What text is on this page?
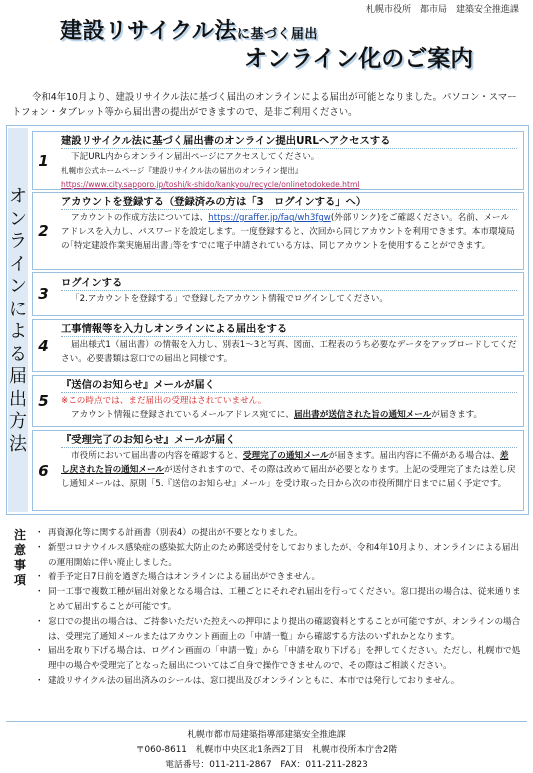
札幌市役所　都市局　建築安全推進課
建設リサイクル法に基づく届出
オンライン化のご案内
令和4年10月より、建設リサイクル法に基づく届出のオンラインによる届出が可能となりました。パソコン・スマートフォン・タブレット等から届出書の提出ができますので、是非ご利用ください。
オンラインによる届出方法
1
建設リサイクル法に基づく届出書のオンライン提出URLへアクセスする
下記URL内からオンライン届出ページにアクセスしてください。
札幌市公式ホームページ『建設リサイクル法の届出のオンライン提出』
https://www.city.sapporo.jp/toshi/k-shido/kankyou/recycle/onlinetodokede.html
2
アカウントを登録する（登録済みの方は「3　ログインする」へ）
アカウントの作成方法については、https://graffer.jp/faq/wh3fgw(外部リンク)をご確認ください。名前、メールアドレスを入力し、パスワードを設定します。一度登録すると、次回から同じアカウントを利用できます。本市環境局の｢特定建設作業実施届出書｣等をすでに電子申請されている方は、同じアカウントを使用することができます。
3
ログインする
「2.アカウントを登録する」で登録したアカウント情報でログインしてください。
4
工事情報等を入力しオンラインによる届出をする
届出様式1（届出書）の情報を入力し、別表1～3と写真、図面、工程表のうち必要なデータをアップロードしてください。必要書類は窓口での届出と同様です。
5
『送信のお知らせ』メールが届く
※この時点では、まだ届出の受理はされていません。
アカウント情報に登録されているメールアドレス宛てに、届出書が送信された旨の通知メールが届きます。
6
『受理完了のお知らせ』メールが届く
市役所において届出書の内容を確認すると、受理完了の通知メールが届きます。届出内容に不備がある場合は、差し戻された旨の通知メールが送付されますので、その際は改めて届出が必要となります。上記の受理完了または差し戻し通知メールは、原則「5.『送信のお知らせ』メール」を受け取った日から次の市役所開庁日までに届く予定です。
注意事項
・ 再資源化等に関する計画書（別表4）の提出が不要となりました。
・ 新型コロナウイルス感染症の感染拡大防止のため郵送受付をしておりましたが、令和4年10月より、オンラインによる届出の運用開始に伴い廃止しました。
・ 着手予定日7日前を過ぎた場合はオンラインによる届出ができません。
・ 同一工事で複数工種が届出対象となる場合は、工種ごとにそれぞれ届出を行ってください。窓口提出の場合は、従来通りまとめて届出することが可能です。
・ 窓口での提出の場合は、ご持参いただいた控えへの押印により提出の確認資料とすることが可能ですが、オンラインの場合は、受理完了通知メールまたはアカウント画面上の「申請一覧」から確認する方法のいずれかとなります。
・ 届出を取り下げる場合は、ログイン画面の「申請一覧」から「申請を取り下げる」を押してください。ただし、札幌市で処理中の場合や受理完了となった届出についてはご自身で操作できませんので、その際はご相談ください。
・ 建設リサイクル法の届出済みのシールは、窓口提出及びオンラインともに、本市では発行しておりません。
札幌市都市局建築指導部建築安全推進課
〒060-8611　札幌市中央区北1条西2丁目　札幌市役所本庁舎2階
電話番号：011-211-2867　FAX：011-211-2823
